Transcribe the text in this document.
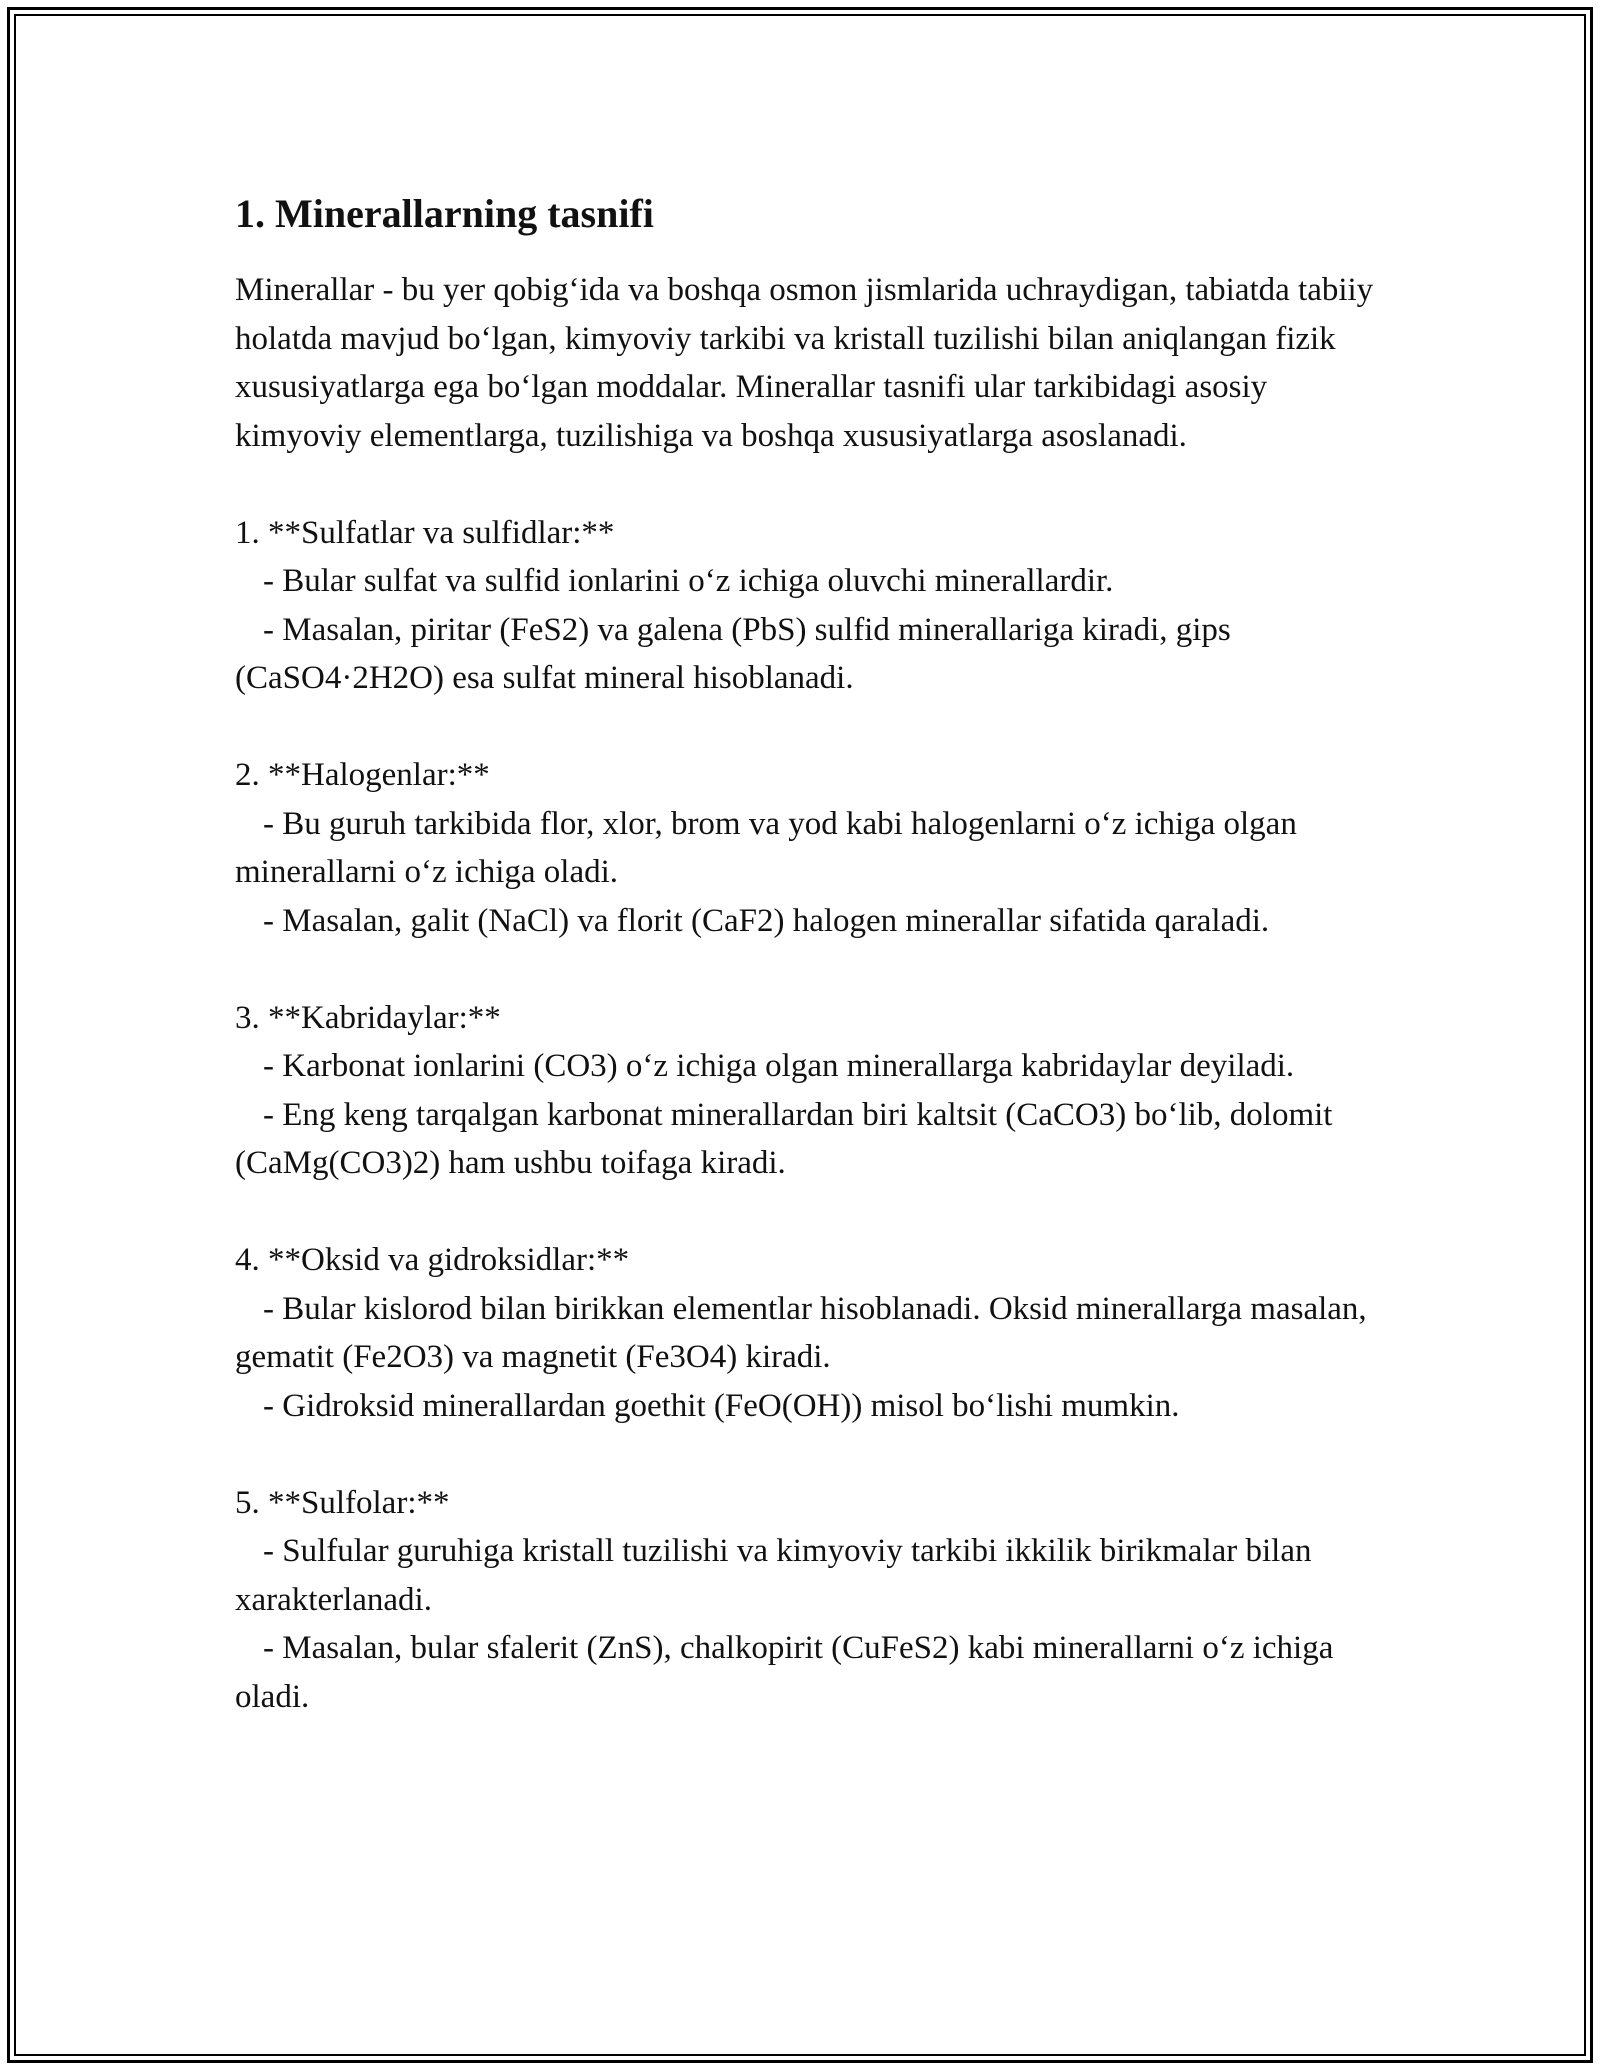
1. Minerallarning tasnifi

Minerallar - bu yer qobig‘ida va boshqa osmon jismlarida uchraydigan, tabiatda tabiiy holatda mavjud bo‘lgan, kimyoviy tarkibi va kristall tuzilishi bilan aniqlangan fizik xususiyatlarga ega bo‘lgan moddalar. Minerallar tasnifi ular tarkibidagi asosiy kimyoviy elementlarga, tuzilishiga va boshqa xususiyatlarga asoslanadi.

1. **Sulfatlar va sulfidlar:**

- Bular sulfat va sulfid ionlarini o‘z ichiga oluvchi minerallardir.

- Masalan, piritar (FeS2) va galena (PbS) sulfid minerallariga kiradi, gips (CaSO4·2H2O) esa sulfat mineral hisoblanadi.

2. **Halogenlar:**

- Bu guruh tarkibida flor, xlor, brom va yod kabi halogenlarni o‘z ichiga olgan minerallarni o‘z ichiga oladi.

- Masalan, galit (NaCl) va florit (CaF2) halogen minerallar sifatida qaraladi.

3. **Kabridaylar:**

- Karbonat ionlarini (CO3) o‘z ichiga olgan minerallarga kabridaylar deyiladi.

- Eng keng tarqalgan karbonat minerallardan biri kaltsit (CaCO3) bo‘lib, dolomit (CaMg(CO3)2) ham ushbu toifaga kiradi.

4. **Oksid va gidroksidlar:**

- Bular kislorod bilan birikkan elementlar hisoblanadi. Oksid minerallarga masalan, gematit (Fe2O3) va magnetit (Fe3O4) kiradi.

- Gidroksid minerallardan goethit (FeO(OH)) misol bo‘lishi mumkin.

5. **Sulfolar:**

- Sulfular guruhiga kristall tuzilishi va kimyoviy tarkibi ikkilik birikmalar bilan xarakterlanadi.

- Masalan, bular sfalerit (ZnS), chalkopirit (CuFeS2) kabi minerallarni o‘z ichiga oladi.
